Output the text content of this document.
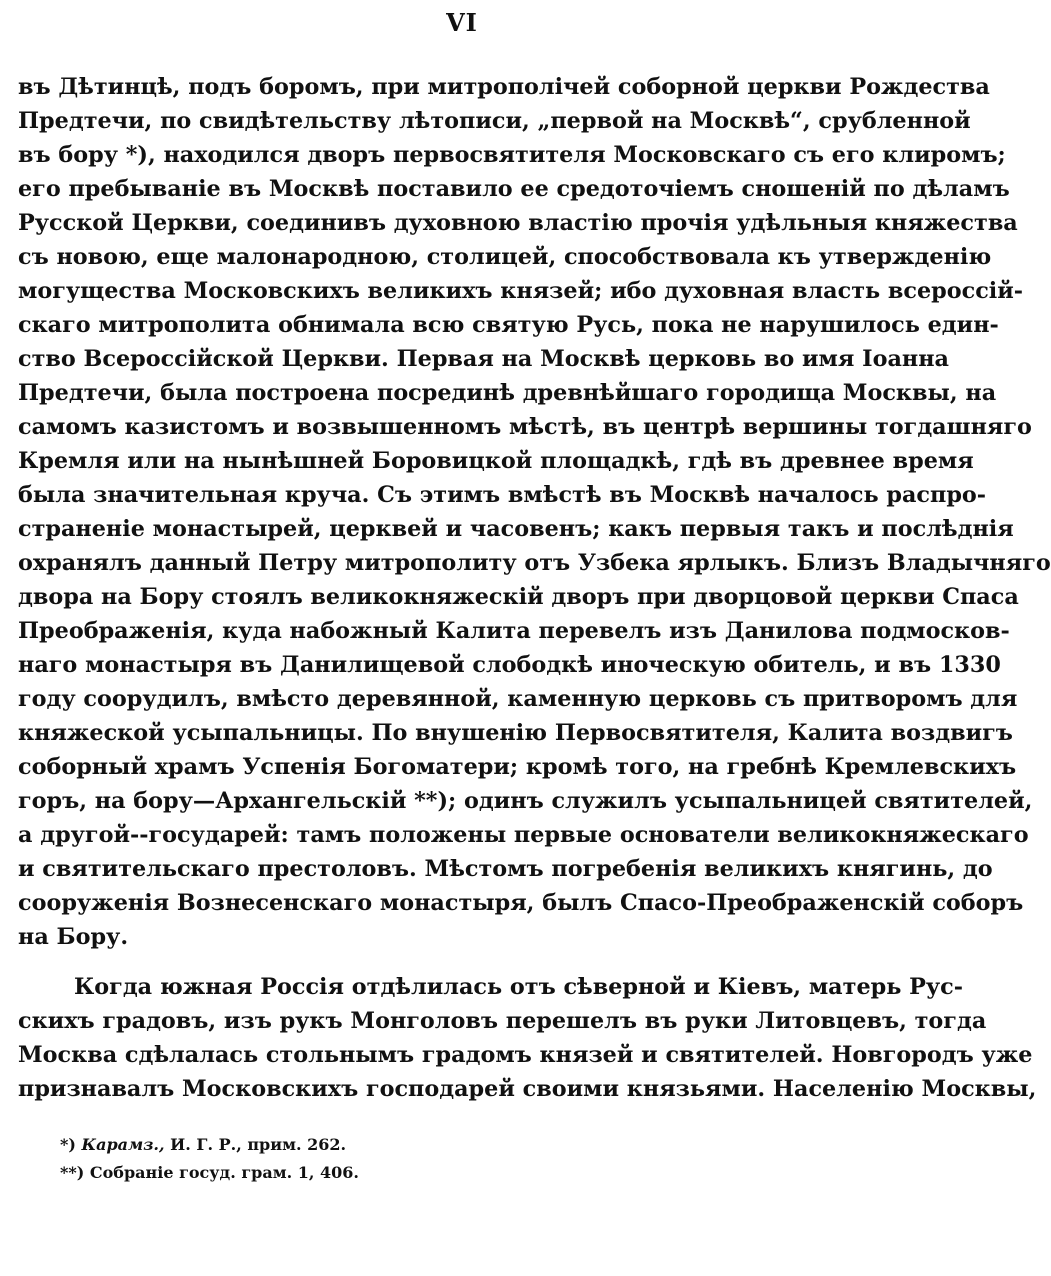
VI
въ Дѣтинцѣ, подъ боромъ, при митрополічей соборной церкви Рождества
Предтечи, по свидѣтельству лѣтописи, „первой на Москвѣ“, срубленной
въ бору *), находился дворъ первосвятителя Московскаго съ его клиромъ;
его пребываніе въ Москвѣ поставило ее средоточіемъ сношеній по дѣламъ
Русской Церкви, соединивъ духовною властію прочія удѣльныя княжества
съ новою, еще малонародною, столицей, способствовала къ утвержденію
могущества Московскихъ великихъ князей; ибо духовная власть всероссій-
скаго митрополита обнимала всю святую Русь, пока не нарушилось един-
ство Всероссійской Церкви. Первая на Москвѣ церковь во имя Іоанна
Предтечи, была построена посрединѣ древнѣйшаго городища Москвы, на
самомъ казистомъ и возвышенномъ мѣстѣ, въ центрѣ вершины тогдашняго
Кремля или на нынѣшней Боровицкой площадкѣ, гдѣ въ древнее время
была значительная круча. Съ этимъ вмѣстѣ въ Москвѣ началось распро-
страненіе монастырей, церквей и часовенъ; какъ первыя такъ и послѣднія
охранялъ данный Петру митрополиту отъ Узбека ярлыкъ. Близъ Владычняго
двора на Бору стоялъ великокняжескій дворъ при дворцовой церкви Спаса
Преображенія, куда набожный Калита перевелъ изъ Данилова подмосков-
наго монастыря въ Данилищевой слободкѣ иноческую обитель, и въ 1330
году соорудилъ, вмѣсто деревянной, каменную церковь съ притворомъ для
княжеской усыпальницы. По внушенію Первосвятителя, Калита воздвигъ
соборный храмъ Успенія Богоматери; кромѣ того, на гребнѣ Кремлевскихъ
горъ, на бору—Архангельскій **); одинъ служилъ усыпальницей святителей,
а другой--государей: тамъ положены первые основатели великокняжескаго
и святительскаго престоловъ. Мѣстомъ погребенія великихъ княгинь, до
сооруженія Вознесенскаго монастыря, былъ Спасо-Преображенскій соборъ
на Бору.
Когда южная Россія отдѣлилась отъ сѣверной и Кіевъ, матерь Рус-
скихъ градовъ, изъ рукъ Монголовъ перешелъ въ руки Литовцевъ, тогда
Москва сдѣлалась стольнымъ градомъ князей и святителей. Новгородъ уже
признавалъ Московскихъ господарей своими князьями. Населенію Москвы,
*) Карамз., И. Г. Р., прим. 262.
**) Собраніе госуд. грам. 1, 406.
